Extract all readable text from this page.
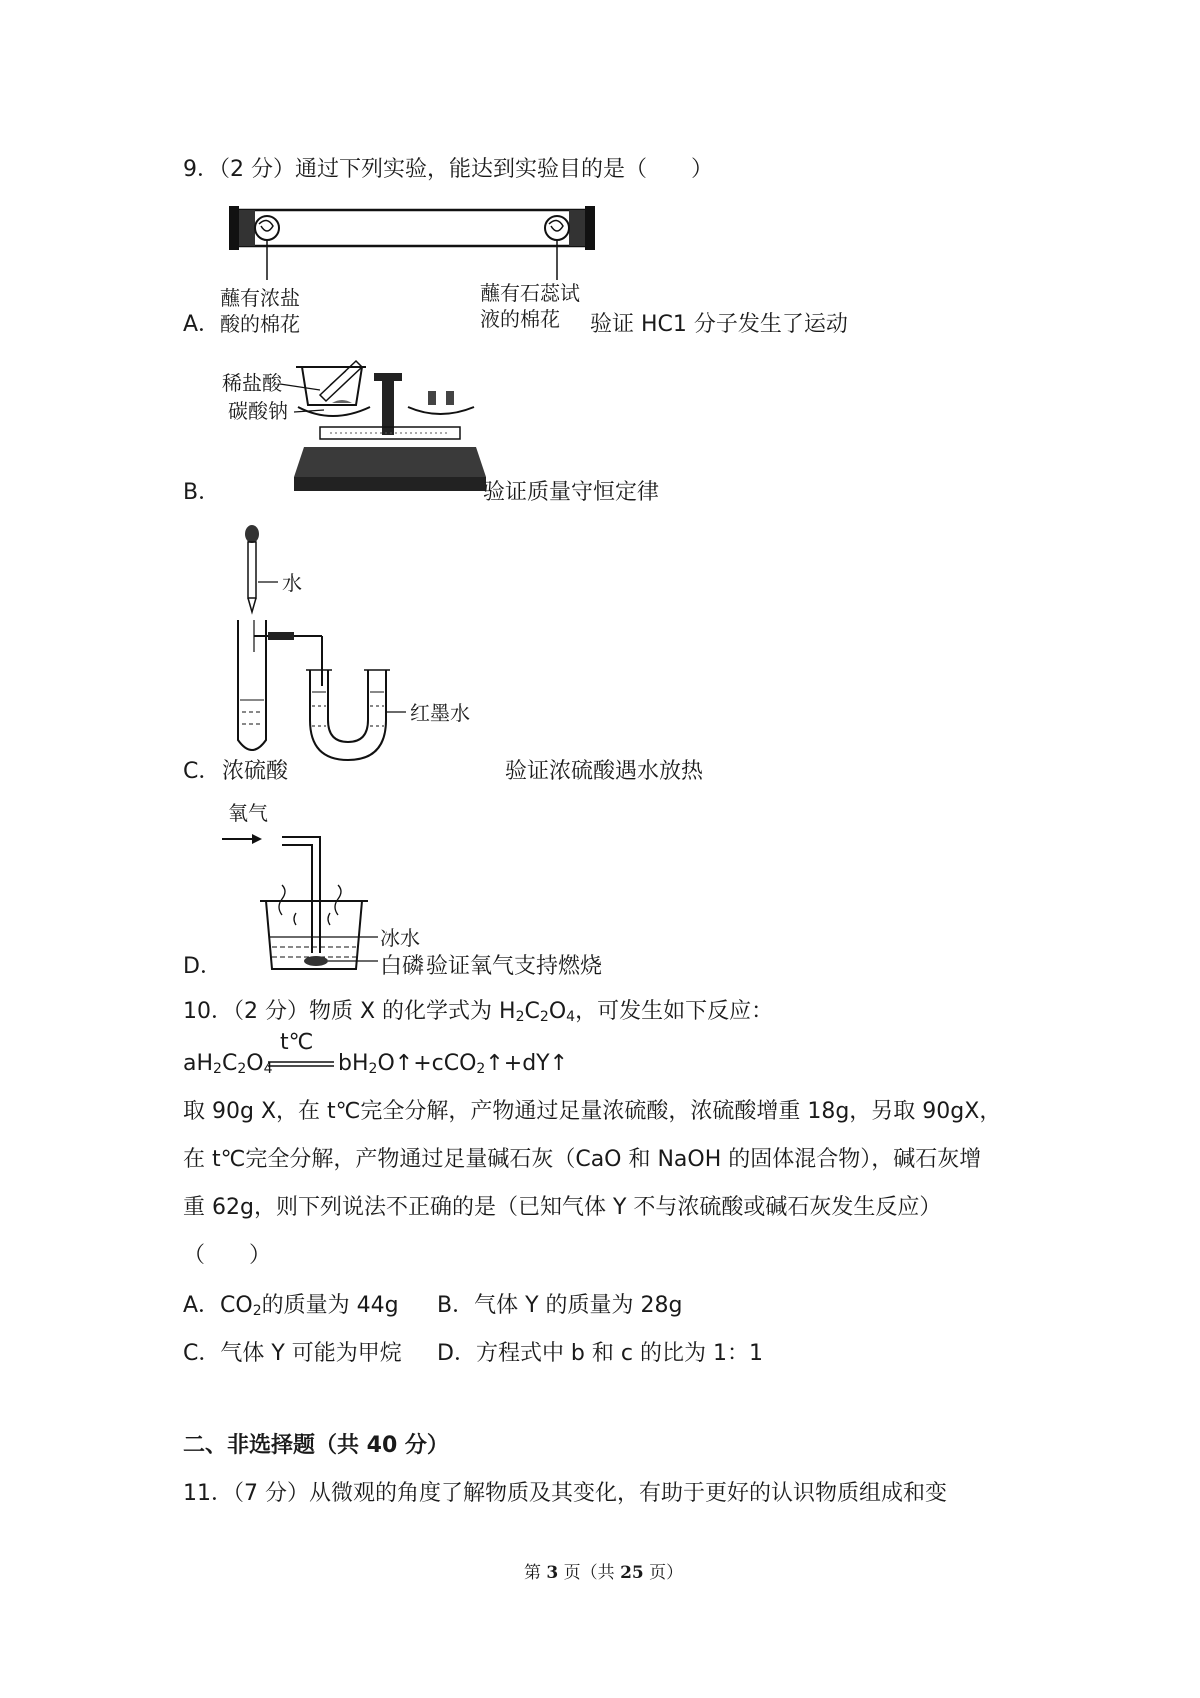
9．（2 分）通过下列实验，能达到实验目的是（　　）
蘸有浓盐
酸的棉花
蘸有石蕊试
液的棉花
A．	验证 HC1 分子发生了运动
稀盐酸
碳酸钠
B．	验证质量守恒定律
水
红墨水
C． 浓硫酸	验证浓硫酸遇水放热
氧气
冰水
D．	白磷 验证氧气支持燃烧
10．（2 分）物质 X 的化学式为 $H_2C_2O_4$，可发生如下反应：
$aH_2C_2O_4$
t℃
$bH_2O↑+cCO_2↑+dY↑$
取 90g X，在 t℃完全分解，产物通过足量浓硫酸，浓硫酸增重 18g，另取 90gX，
在 t℃完全分解，产物通过足量碱石灰（CaO 和 NaOH 的固体混合物），碱石灰增
重 62g，则下列说法不正确的是（已知气体 Y 不与浓硫酸或碱石灰发生反应）
（　　）
A．$CO_2$的质量为 44g B．气体 Y 的质量为 28g
C．气体 Y 可能为甲烷 D．方程式中 b 和 c 的比为 1：1
二、非选择题（共 40 分）
11．（7 分）从微观的角度了解物质及其变化，有助于更好的认识物质组成和变
第 3 页（共 25 页）
